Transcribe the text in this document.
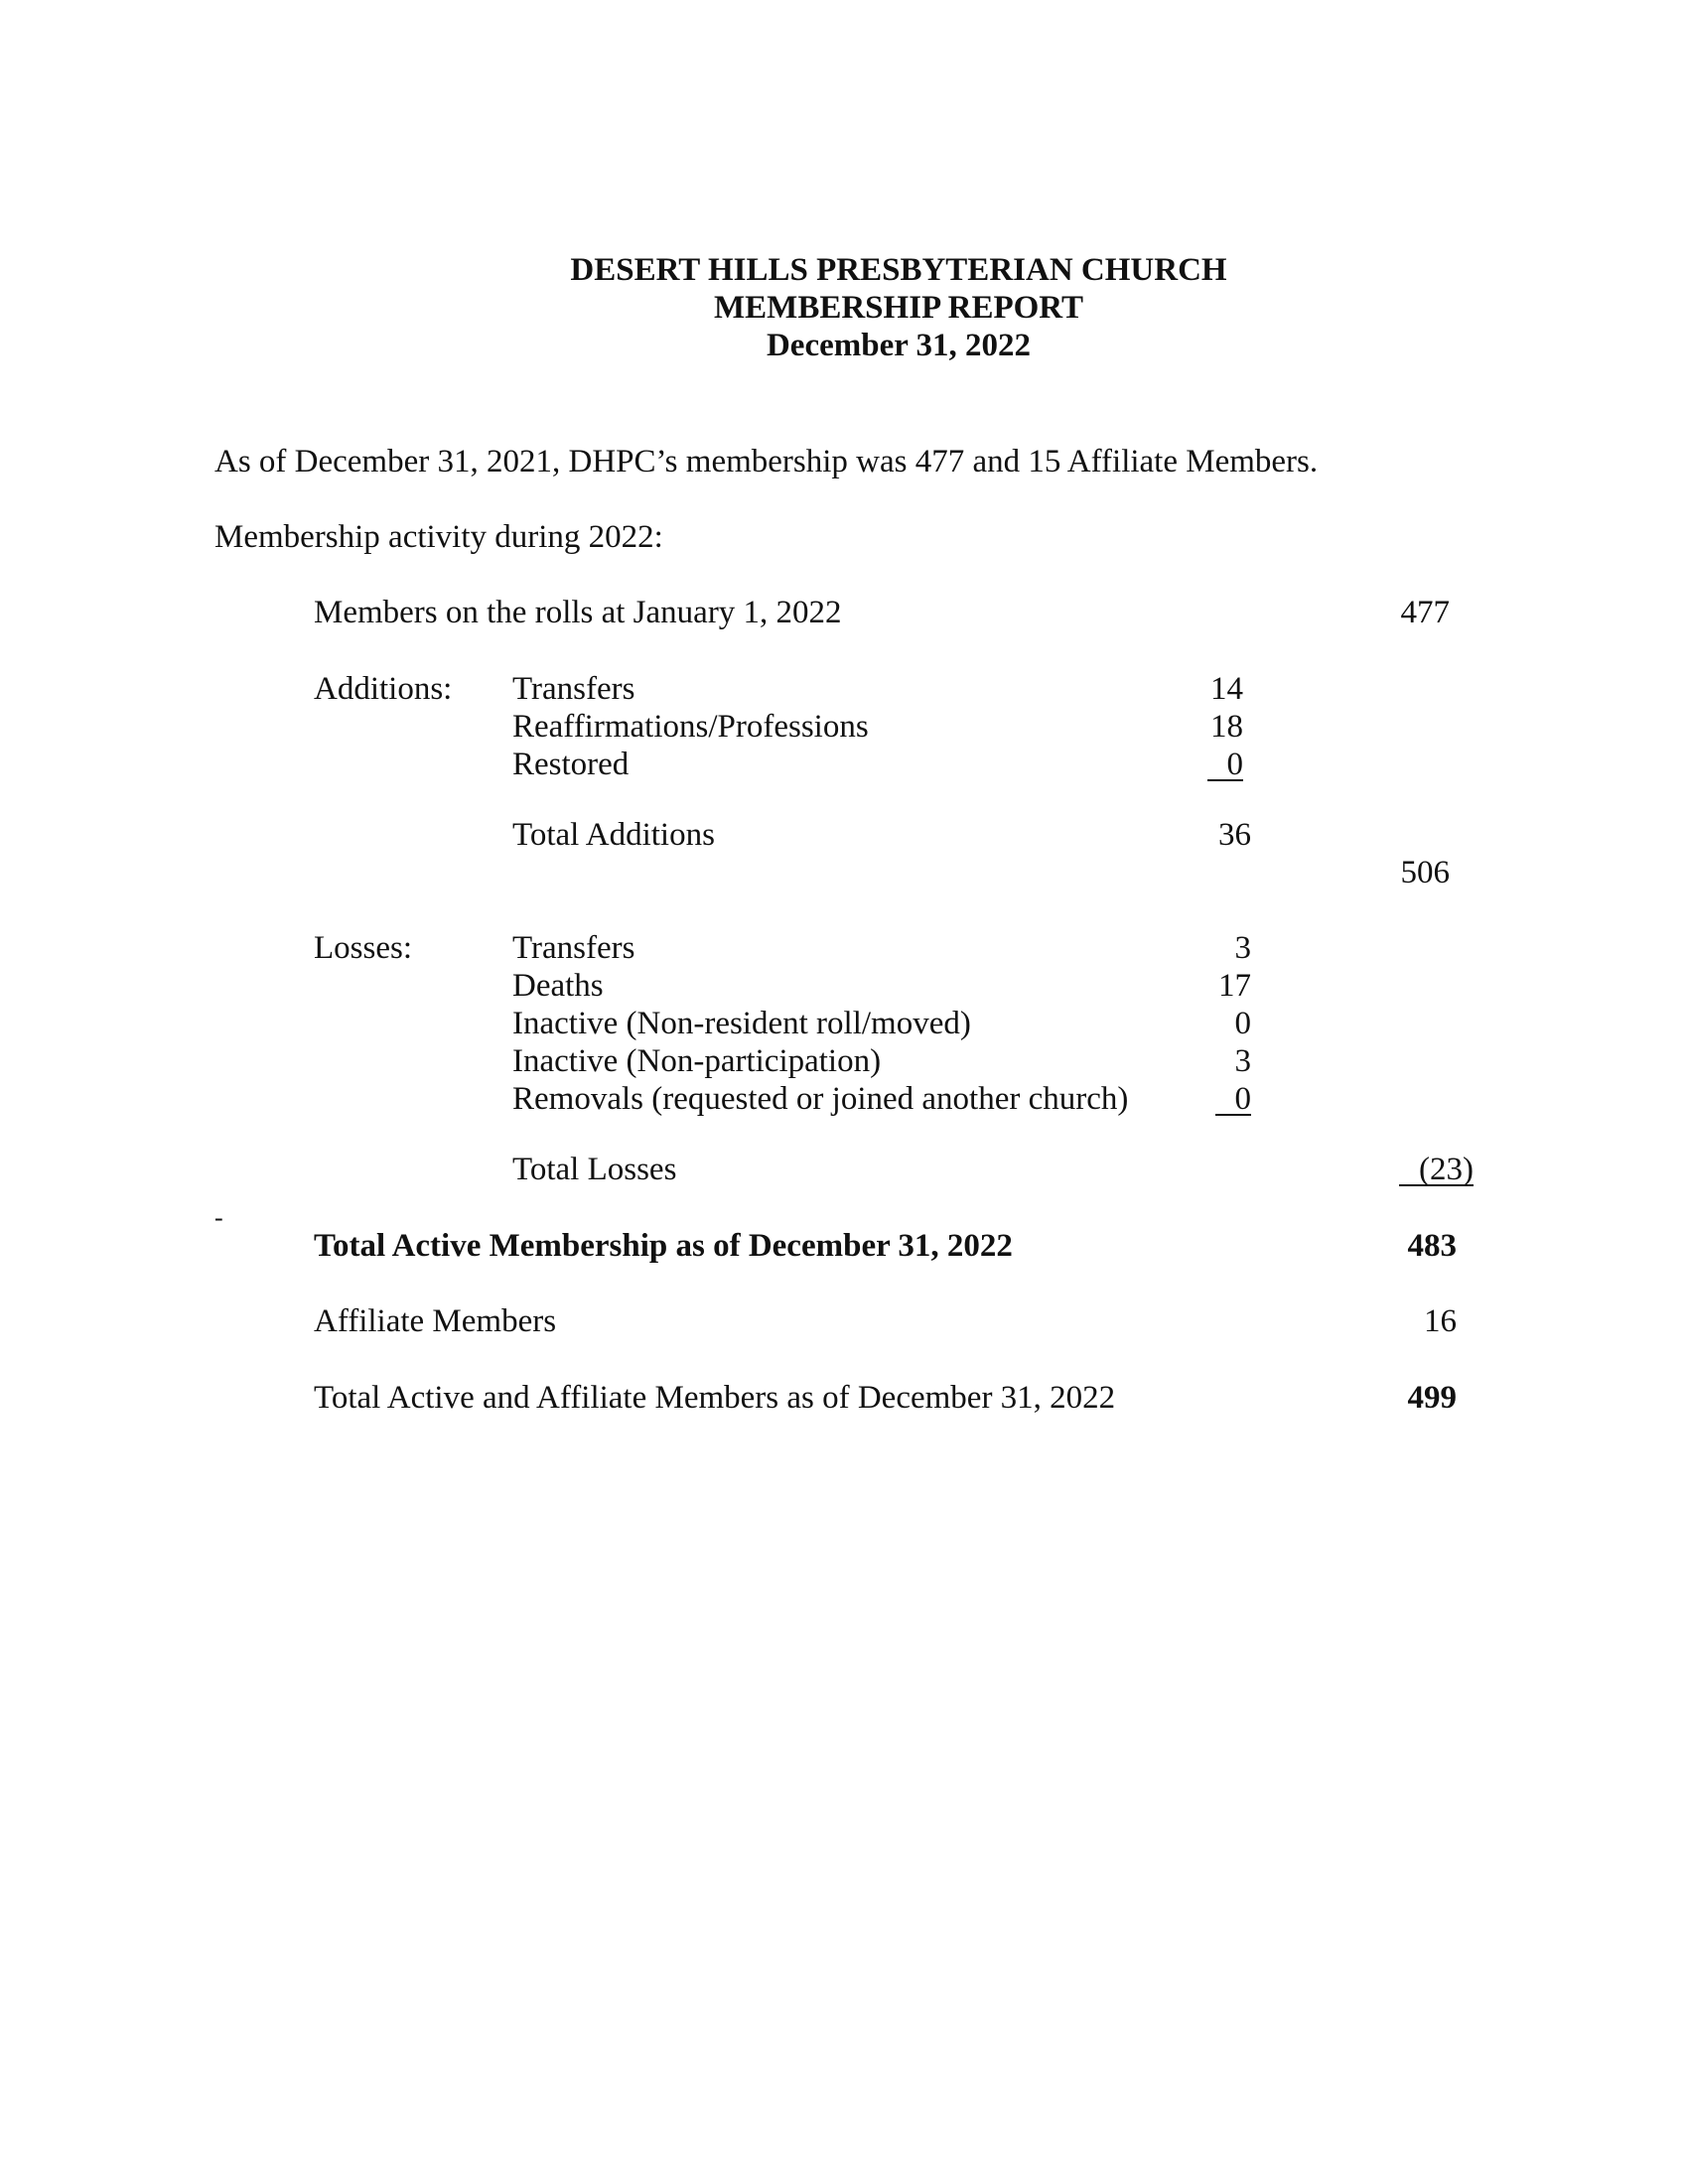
DESERT HILLS PRESBYTERIAN CHURCH
MEMBERSHIP REPORT
December 31, 2022
As of December 31, 2021, DHPC’s membership was 477 and 15 Affiliate Members.
Membership activity during 2022:
Members on the rolls at January 1, 2022	477
Additions: Transfers	14
Reaffirmations/Professions	18
Restored	0
Total Additions	36
506
Losses:	Transfers	3
Deaths	17
Inactive (Non-resident roll/moved)	0
Inactive (Non-participation)	3
Removals (requested or joined another church)	0
Total Losses	(23)
-
Total Active Membership as of December 31, 2022	483
Affiliate Members	16
Total Active and Affiliate Members as of December 31, 2022	499
